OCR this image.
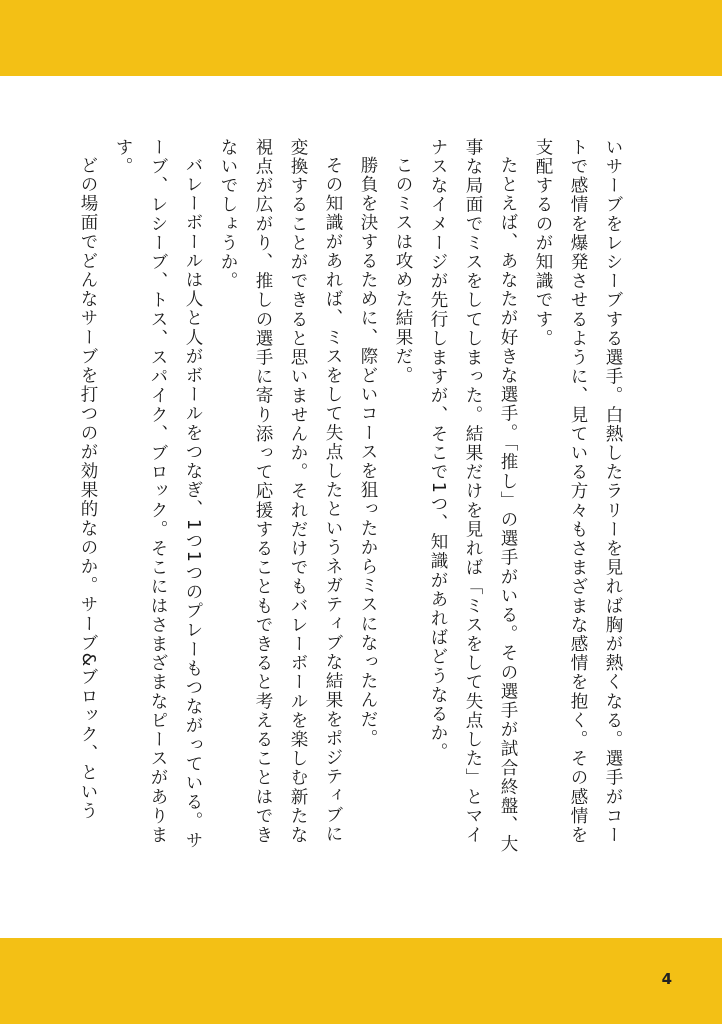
いサーブをレシーブする選手。白熱したラリーを見れば胸が熱くなる。選手がコートで感情を爆発させるように、見ている方々もさまざまな感情を抱く。その感情を支配するのが知識です。

たとえば、あなたが好きな選手。「推し」の選手がいる。その選手が試合終盤、大事な局面でミスをしてしまった。結果だけを見れば「ミスをして失点した」とマイナスなイメージが先行しますが、そこで1つ、知識があればどうなるか。

このミスは攻めた結果だ。

勝負を決するために、際どいコースを狙ったからミスになったんだ。

その知識があれば、ミスをして失点したというネガティブな結果をポジティブに変換することができると思いませんか。それだけでもバレーボールを楽しむ新たな視点が広がり、推しの選手に寄り添って応援することもできると考えることはできないでしょうか。

バレーボールは人と人がボールをつなぎ、1つ1つのプレーもつながっている。サーブ、レシーブ、トス、スパイク、ブロック。そこにはさまざまなピースがあります。

どの場面でどんなサーブを打つのが効果的なのか。サーブ&ブロック、という

4
